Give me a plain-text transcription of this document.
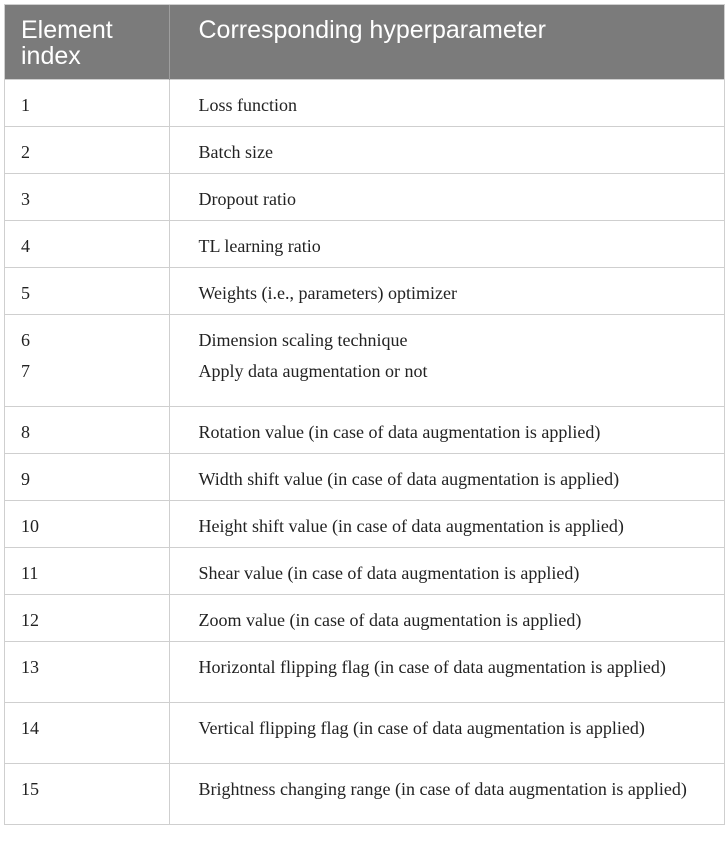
Element index	Corresponding hyperparameter
1	Loss function
2	Batch size
3	Dropout ratio
4	TL learning ratio
5	Weights (i.e., parameters) optimizer
6	Dimension scaling technique
7	Apply data augmentation or not
8	Rotation value (in case of data augmentation is applied)
9	Width shift value (in case of data augmentation is applied)
10	Height shift value (in case of data augmentation is applied)
11	Shear value (in case of data augmentation is applied)
12	Zoom value (in case of data augmentation is applied)
13	Horizontal flipping flag (in case of data augmentation is applied)
14	Vertical flipping flag (in case of data augmentation is applied)
15	Brightness changing range (in case of data augmentation is applied)
